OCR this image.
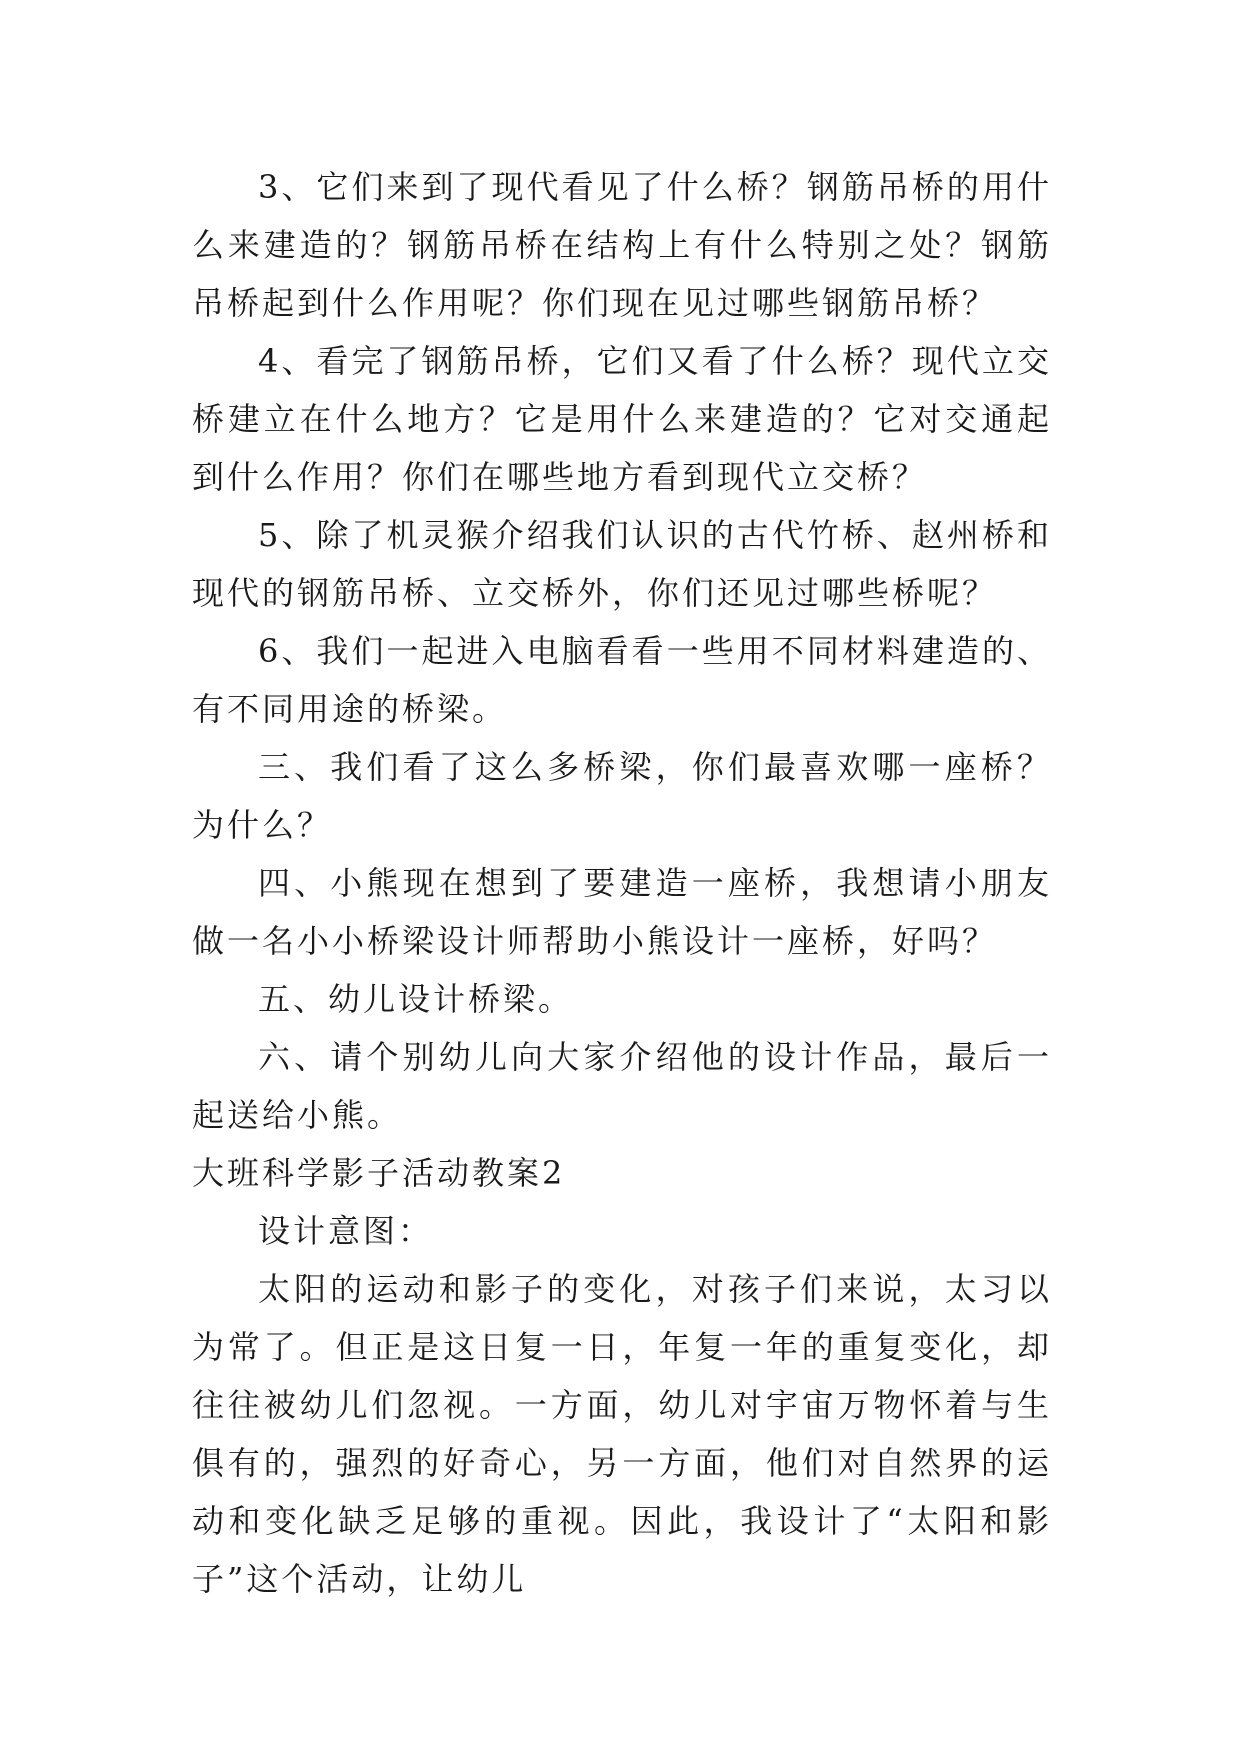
3、它们来到了现代看见了什么桥？钢筋吊桥的用什么来建造的？钢筋吊桥在结构上有什么特别之处？钢筋吊桥起到什么作用呢？你们现在见过哪些钢筋吊桥？

4、看完了钢筋吊桥，它们又看了什么桥？现代立交桥建立在什么地方？它是用什么来建造的？它对交通起到什么作用？你们在哪些地方看到现代立交桥？

5、除了机灵猴介绍我们认识的古代竹桥、赵州桥和现代的钢筋吊桥、立交桥外，你们还见过哪些桥呢？

6、我们一起进入电脑看看一些用不同材料建造的、有不同用途的桥梁。

三、我们看了这么多桥梁，你们最喜欢哪一座桥？为什么？

四、小熊现在想到了要建造一座桥，我想请小朋友做一名小小桥梁设计师帮助小熊设计一座桥，好吗？

五、幼儿设计桥梁。

六、请个别幼儿向大家介绍他的设计作品，最后一起送给小熊。

大班科学影子活动教案2

设计意图：

太阳的运动和影子的变化，对孩子们来说，太习以为常了。但正是这日复一日，年复一年的重复变化，却往往被幼儿们忽视。一方面，幼儿对宇宙万物怀着与生俱有的，强烈的好奇心，另一方面，他们对自然界的运动和变化缺乏足够的重视。因此，我设计了“太阳和影子”这个活动，让幼儿
